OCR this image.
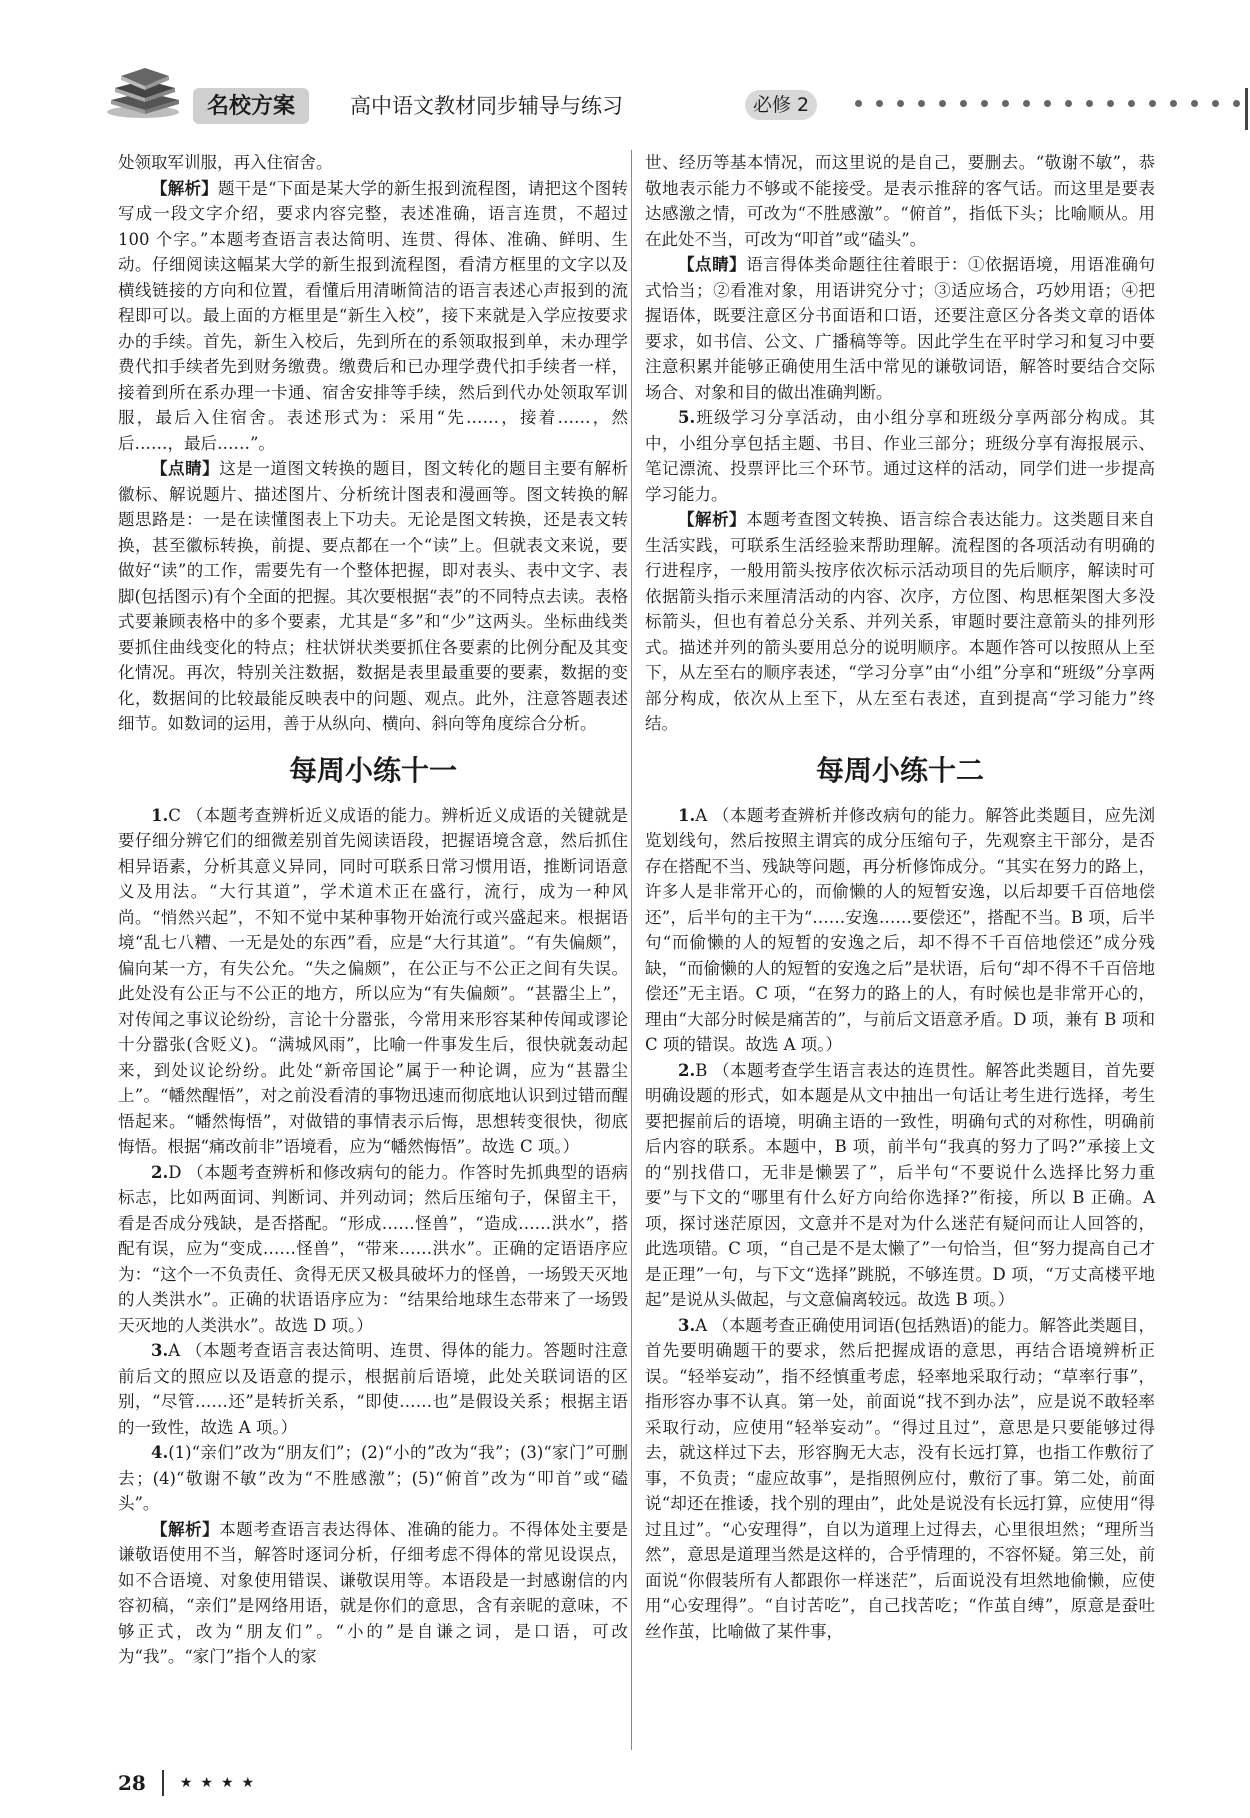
名校方案	高中语文教材同步辅导与练习	必修 2

处领取军训服，再入住宿舍。

【解析】题干是“下面是某大学的新生报到流程图，请把这个图转写成一段文字介绍，要求内容完整，表述准确，语言连贯，不超过 100 个字。”本题考查语言表达简明、连贯、得体、准确、鲜明、生动。仔细阅读这幅某大学的新生报到流程图，看清方框里的文字以及横线链接的方向和位置，看懂后用清晰简洁的语言表述心声报到的流程即可以。最上面的方框里是“新生入校”，接下来就是入学应按要求办的手续。首先，新生入校后，先到所在的系领取报到单，未办理学费代扣手续者先到财务缴费。缴费后和已办理学费代扣手续者一样，接着到所在系办理一卡通、宿舍安排等手续，然后到代办处领取军训服，最后入住宿舍。表述形式为：采用“先……，接着……，然后……，最后……”。

【点睛】这是一道图文转换的题目，图文转化的题目主要有解析徽标、解说题片、描述图片、分析统计图表和漫画等。图文转换的解题思路是：一是在读懂图表上下功夫。无论是图文转换，还是表文转换，甚至徽标转换，前提、要点都在一个“读”上。但就表文来说，要做好“读”的工作，需要先有一个整体把握，即对表头、表中文字、表脚(包括图示)有个全面的把握。其次要根据“表”的不同特点去读。表格式要兼顾表格中的多个要素，尤其是“多”和“少”这两头。坐标曲线类要抓住曲线变化的特点；柱状饼状类要抓住各要素的比例分配及其变化情况。再次，特别关注数据，数据是表里最重要的要素，数据的变化，数据间的比较最能反映表中的问题、观点。此外，注意答题表述细节。如数词的运用，善于从纵向、横向、斜向等角度综合分析。

每周小练十一

1.C （本题考查辨析近义成语的能力。辨析近义成语的关键就是要仔细分辨它们的细微差别首先阅读语段，把握语境含意，然后抓住相异语素，分析其意义异同，同时可联系日常习惯用语，推断词语意义及用法。“大行其道”，学术道术正在盛行，流行，成为一种风尚。“悄然兴起”，不知不觉中某种事物开始流行或兴盛起来。根据语境“乱七八糟、一无是处的东西”看，应是“大行其道”。“有失偏颇”，偏向某一方，有失公允。“失之偏颇”，在公正与不公正之间有失误。此处没有公正与不公正的地方，所以应为“有失偏颇”。“甚嚣尘上”，对传闻之事议论纷纷，言论十分嚣张，今常用来形容某种传闻或谬论十分嚣张(含贬义)。“满城风雨”，比喻一件事发生后，很快就轰动起来，到处议论纷纷。此处“新帝国论”属于一种论调，应为“甚嚣尘上”。“幡然醒悟”，对之前没看清的事物迅速而彻底地认识到过错而醒悟起来。“幡然悔悟”，对做错的事情表示后悔，思想转变很快，彻底悔悟。根据“痛改前非”语境看，应为“幡然悔悟”。故选 C 项。）

2.D （本题考查辨析和修改病句的能力。作答时先抓典型的语病标志，比如两面词、判断词、并列动词；然后压缩句子，保留主干，看是否成分残缺，是否搭配。“形成……怪兽”，“造成……洪水”，搭配有误，应为“变成……怪兽”，“带来……洪水”。正确的定语语序应为：“这个一不负责任、贪得无厌又极具破坏力的怪兽，一场毁天灭地的人类洪水”。正确的状语语序应为：“结果给地球生态带来了一场毁天灭地的人类洪水”。故选 D 项。）

3.A （本题考查语言表达简明、连贯、得体的能力。答题时注意前后文的照应以及语意的提示，根据前后语境，此处关联词语的区别，“尽管……还”是转折关系，“即使……也”是假设关系；根据主语的一致性，故选 A 项。）

4.(1)“亲们”改为“朋友们”；(2)“小的”改为“我”；(3)“家门”可删去；(4)“敬谢不敏”改为“不胜感激”；(5)“俯首”改为“叩首”或“磕头”。

【解析】本题考查语言表达得体、准确的能力。不得体处主要是谦敬语使用不当，解答时逐词分析，仔细考虑不得体的常见设误点，如不合语境、对象使用错误、谦敬误用等。本语段是一封感谢信的内容初稿，“亲们”是网络用语，就是你们的意思，含有亲昵的意味，不够正式，改为“朋友们”。“小的”是自谦之词，是口语，可改为“我”。“家门”指个人的家

世、经历等基本情况，而这里说的是自己，要删去。“敬谢不敏”，恭敬地表示能力不够或不能接受。是表示推辞的客气话。而这里是要表达感激之情，可改为“不胜感激”。“俯首”，指低下头；比喻顺从。用在此处不当，可改为“叩首”或“磕头”。

【点睛】语言得体类命题往往着眼于：①依据语境，用语准确句式恰当；②看准对象，用语讲究分寸；③适应场合，巧妙用语；④把握语体，既要注意区分书面语和口语，还要注意区分各类文章的语体要求，如书信、公文、广播稿等等。因此学生在平时学习和复习中要注意积累并能够正确使用生活中常见的谦敬词语，解答时要结合交际场合、对象和目的做出准确判断。

5.班级学习分享活动，由小组分享和班级分享两部分构成。其中，小组分享包括主题、书目、作业三部分；班级分享有海报展示、笔记漂流、投票评比三个环节。通过这样的活动，同学们进一步提高学习能力。

【解析】本题考查图文转换、语言综合表达能力。这类题目来自生活实践，可联系生活经验来帮助理解。流程图的各项活动有明确的行进程序，一般用箭头按序依次标示活动项目的先后顺序，解读时可依据箭头指示来厘清活动的内容、次序，方位图、构思框架图大多没标箭头，但也有着总分关系、并列关系，审题时要注意箭头的排列形式。描述并列的箭头要用总分的说明顺序。本题作答可以按照从上至下，从左至右的顺序表述，“学习分享”由“小组”分享和“班级”分享两部分构成，依次从上至下，从左至右表述，直到提高“学习能力”终结。

每周小练十二

1.A （本题考查辨析并修改病句的能力。解答此类题目，应先浏览划线句，然后按照主谓宾的成分压缩句子，先观察主干部分，是否存在搭配不当、残缺等问题，再分析修饰成分。“其实在努力的路上，许多人是非常开心的，而偷懒的人的短暂安逸，以后却要千百倍地偿还”，后半句的主干为“……安逸……要偿还”，搭配不当。B 项，后半句“而偷懒的人的短暂的安逸之后，却不得不千百倍地偿还”成分残缺，“而偷懒的人的短暂的安逸之后”是状语，后句“却不得不千百倍地偿还”无主语。C 项，“在努力的路上的人，有时候也是非常开心的，理由“大部分时候是痛苦的”，与前后文语意矛盾。D 项，兼有 B 项和 C 项的错误。故选 A 项。）

2.B （本题考查学生语言表达的连贯性。解答此类题目，首先要明确设题的形式，如本题是从文中抽出一句话让考生进行选择，考生要把握前后的语境，明确主语的一致性，明确句式的对称性，明确前后内容的联系。本题中，B 项，前半句“我真的努力了吗?”承接上文的“别找借口，无非是懒罢了”，后半句“不要说什么选择比努力重要”与下文的“哪里有什么好方向给你选择?”衔接，所以 B 正确。A 项，探讨迷茫原因，文意并不是对为什么迷茫有疑问而让人回答的，此选项错。C 项，“自己是不是太懒了”一句恰当，但“努力提高自己才是正理”一句，与下文“选择”跳脱，不够连贯。D 项，“万丈高楼平地起”是说从头做起，与文意偏离较远。故选 B 项。）

3.A （本题考查正确使用词语(包括熟语)的能力。解答此类题目，首先要明确题干的要求，然后把握成语的意思，再结合语境辨析正误。“轻举妄动”，指不经慎重考虑，轻率地采取行动；“草率行事”，指形容办事不认真。第一处，前面说“找不到办法”，应是说不敢轻率采取行动，应使用“轻举妄动”。“得过且过”，意思是只要能够过得去，就这样过下去，形容胸无大志，没有长远打算，也指工作敷衍了事，不负责；“虚应故事”，是指照例应付，敷衍了事。第二处，前面说“却还在推诿，找个别的理由”，此处是说没有长远打算，应使用“得过且过”。“心安理得”，自以为道理上过得去，心里很坦然；“理所当然”，意思是道理当然是这样的，合乎情理的，不容怀疑。第三处，前面说“你假装所有人都跟你一样迷茫”，后面说没有坦然地偷懒，应使用“心安理得”。“自讨苦吃”，自己找苦吃；“作茧自缚”，原意是蚕吐丝作茧，比喻做了某件事，

28 ★★★★
